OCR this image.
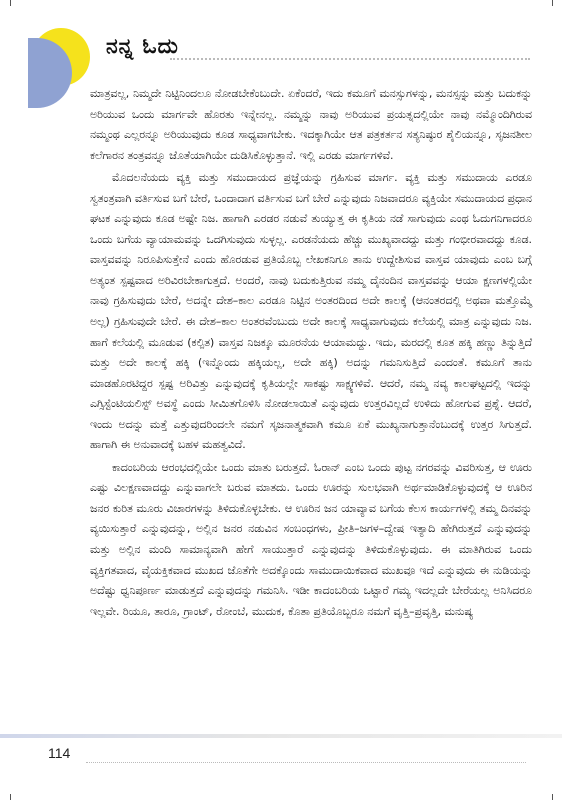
ನನ್ನ ಓದು

ಮಾತ್ರವಲ್ಲ, ನಿಮ್ಮದೇ ನಿಟ್ಟಿನಿಂದಲೂ ನೋಡಬೇಕೆಂಬುದೇ. ಏಕೆಂದರೆ, ಇದು ಕಮೂಗೆ ಮನಸ್ಸುಗಳನ್ನು, ಮನಸ್ಸನ್ನು ಮತ್ತು ಬದುಕನ್ನು ಅರಿಯುವ ಒಂದು ಮಾರ್ಗವೇ ಹೊರತು ಇನ್ನೇನಲ್ಲ. ನಮ್ಮನ್ನು ನಾವು ಅರಿಯುವ ಪ್ರಯತ್ನದಲ್ಲಿಯೇ ನಾವು ನಮ್ಮೊಂದಿಗಿರುವ ನಮ್ಮಂಥ ಎಲ್ಲರನ್ನೂ ಅರಿಯುವುದು ಕೂಡ ಸಾಧ್ಯವಾಗಬೇಕು. ಇದಕ್ಕಾಗಿಯೇ ಆತ ಪತ್ರಕರ್ತನ ಸತ್ಯನಿಷ್ಠುರ ಶೈಲಿಯನ್ನೂ, ಸೃಜನಶೀಲ ಕಲೆಗಾರನ ತಂತ್ರವನ್ನೂ ಜೊತೆಯಾಗಿಯೇ ದುಡಿಸಿಕೊಳ್ಳುತ್ತಾನೆ. ಇಲ್ಲಿ ಎರಡು ಮಾರ್ಗಗಳಿವೆ.

ಮೊದಲನೆಯದು ವ್ಯಕ್ತಿ ಮತ್ತು ಸಮುದಾಯದ ಪ್ರಜ್ಞೆಯನ್ನು ಗ್ರಹಿಸುವ ಮಾರ್ಗ. ವ್ಯಕ್ತಿ ಮತ್ತು ಸಮುದಾಯ ಎರಡೂ ಸ್ವತಂತ್ರವಾಗಿ ವರ್ತಿಸುವ ಬಗೆ ಬೇರೆ, ಒಂದಾದಾಗ ವರ್ತಿಸುವ ಬಗೆ ಬೇರೆ ಎನ್ನುವುದು ನಿಜವಾದರೂ ವ್ಯಕ್ತಿಯೇ ಸಮುದಾಯದ ಪ್ರಧಾನ ಘಟಕ ಎನ್ನುವುದು ಕೂಡ ಅಷ್ಟೇ ನಿಜ. ಹಾಗಾಗಿ ಎರಡರ ನಡುವೆ ತುಯ್ಯುತ್ತ ಈ ಕೃತಿಯ ನಡೆ ಸಾಗುವುದು ಎಂಥ ಓದುಗನಿಗಾದರೂ ಒಂದು ಬಗೆಯ ವ್ಯಾಯಾಮವನ್ನು ಒದಗಿಸುವುದು ಸುಳ್ಳಲ್ಲ. ಎರಡನೆಯದು ಹೆಚ್ಚು ಮುಖ್ಯವಾದದ್ದು ಮತ್ತು ಗಂಭೀರವಾದದ್ದು ಕೂಡ. ವಾಸ್ತವವನ್ನು ನಿರೂಪಿಸುತ್ತೇನೆ ಎಂದು ಹೊರಡುವ ಪ್ರತಿಯೊಬ್ಬ ಲೇಖಕನಿಗೂ ತಾನು ಉದ್ದೇಶಿಸುವ ವಾಸ್ತವ ಯಾವುದು ಎಂಬ ಬಗ್ಗೆ ಅತ್ಯಂತ ಸ್ಪಷ್ಟವಾದ ಅರಿವಿರಬೇಕಾಗುತ್ತದೆ. ಅಂದರೆ, ನಾವು ಬದುಕುತ್ತಿರುವ ನಮ್ಮ ದೈನಂದಿನ ವಾಸ್ತವವನ್ನು ಆಯಾ ಕ್ಷಣಗಳಲ್ಲಿಯೇ ನಾವು ಗ್ರಹಿಸುವುದು ಬೇರೆ, ಅದನ್ನೇ ದೇಶ–ಕಾಲ ಎರಡೂ ನಿಟ್ಟಿನ ಅಂತರದಿಂದ ಅದೇ ಕಾಲಕ್ಕೆ (ಆನಂತರದಲ್ಲಿ ಅಥವಾ ಮತ್ತೊಮ್ಮೆ ಅಲ್ಲ) ಗ್ರಹಿಸುವುದೇ ಬೇರೆ. ಈ ದೇಶ–ಕಾಲ ಅಂತರವೆಂಬುದು ಅದೇ ಕಾಲಕ್ಕೆ ಸಾಧ್ಯವಾಗುವುದು ಕಲೆಯಲ್ಲಿ ಮಾತ್ರ ಎನ್ನುವುದು ನಿಜ. ಹಾಗೆ ಕಲೆಯಲ್ಲಿ ಮೂಡುವ (ಕಲ್ಪಿತ) ವಾಸ್ತವ ನಿಜಕ್ಕೂ ಮೂರನೆಯ ಆಯಾಮದ್ದು. ಇದು, ಮರದಲ್ಲಿ ಕೂತ ಹಕ್ಕಿ ಹಣ್ಣು ತಿನ್ನುತ್ತಿದೆ ಮತ್ತು ಅದೇ ಕಾಲಕ್ಕೆ ಹಕ್ಕಿ (ಇನ್ನೊಂದು ಹಕ್ಕಿಯಲ್ಲ, ಅದೇ ಹಕ್ಕಿ) ಅದನ್ನು ಗಮನಿಸುತ್ತಿದೆ ಎಂದಂತೆ. ಕಮೂಗೆ ತಾನು ಮಾಡಹೊರಟಿದ್ದರ ಸ್ಪಷ್ಟ ಅರಿವಿತ್ತು ಎನ್ನುವುದಕ್ಕೆ ಕೃತಿಯಲ್ಲೇ ಸಾಕಷ್ಟು ಸಾಕ್ಷ್ಯಗಳಿವೆ. ಆದರೆ, ನಮ್ಮ ನವ್ಯ ಕಾಲಘಟ್ಟದಲ್ಲಿ ಇದನ್ನು ಎಗ್ಸಿಸ್ಟೆಂಟಿಯಲಿಸ್ಟ್ ಅವಸ್ಥೆ ಎಂದು ಸೀಮಿತಗೊಳಿಸಿ ನೋಡಲಾಯಿತೆ ಎನ್ನುವುದು ಉತ್ತರವಿಲ್ಲದೆ ಉಳಿದು ಹೋಗುವ ಪ್ರಶ್ನೆ. ಆದರೆ, ಇಂದು ಅದನ್ನು ಮತ್ತೆ ಎತ್ತುವುದರಿಂದಲೇ ನಮಗೆ ಸೃಜನಾತ್ಮಕವಾಗಿ ಕಮೂ ಏಕೆ ಮುಖ್ಯನಾಗುತ್ತಾನೆಂಬುದಕ್ಕೆ ಉತ್ತರ ಸಿಗುತ್ತದೆ. ಹಾಗಾಗಿ ಈ ಅನುವಾದಕ್ಕೆ ಬಹಳ ಮಹತ್ವವಿದೆ.

ಕಾದಂಬರಿಯ ಆರಂಭದಲ್ಲಿಯೇ ಒಂದು ಮಾತು ಬರುತ್ತದೆ. ಓರಾನ್ ಎಂಬ ಒಂದು ಪುಟ್ಟ ನಗರವನ್ನು ವಿವರಿಸುತ್ತ, ಆ ಊರು ಎಷ್ಟು ವಿಲಕ್ಷಣವಾದದ್ದು ಎನ್ನುವಾಗಲೇ ಬರುವ ಮಾತದು. ಒಂದು ಊರನ್ನು ಸುಲಭವಾಗಿ ಅರ್ಥಮಾಡಿಕೊಳ್ಳುವುದಕ್ಕೆ ಆ ಊರಿನ ಜನರ ಕುರಿತ ಮೂರು ವಿಚಾರಗಳನ್ನು ತಿಳಿದುಕೊಳ್ಳಬೇಕು. ಆ ಊರಿನ ಜನ ಯಾವ್ಯಾವ ಬಗೆಯ ಕೆಲಸ ಕಾರ್ಯಗಳಲ್ಲಿ ತಮ್ಮ ದಿನವನ್ನು ವ್ಯಯಿಸುತ್ತಾರೆ ಎನ್ನುವುದನ್ನು, ಅಲ್ಲಿನ ಜನರ ನಡುವಿನ ಸಂಬಂಧಗಳು, ಪ್ರೀತಿ–ಜಗಳ–ದ್ವೇಷ ಇತ್ಯಾದಿ ಹೇಗಿರುತ್ತದೆ ಎನ್ನುವುದನ್ನು ಮತ್ತು ಅಲ್ಲಿನ ಮಂದಿ ಸಾಮಾನ್ಯವಾಗಿ ಹೇಗೆ ಸಾಯುತ್ತಾರೆ ಎನ್ನುವುದನ್ನು ತಿಳಿದುಕೊಳ್ಳುವುದು. ಈ ಮಾತಿಗಿರುವ ಒಂದು ವ್ಯಕ್ತಿಗತವಾದ, ವೈಯಕ್ತಿಕವಾದ ಮುಖದ ಜೊತೆಗೇ ಅದಕ್ಕೊಂದು ಸಾಮುದಾಯಿಕವಾದ ಮುಖವೂ ಇದೆ ಎನ್ನುವುದು ಈ ನುಡಿಯನ್ನು ಅದೆಷ್ಟು ಧ್ವನಿಪೂರ್ಣ ಮಾಡುತ್ತದೆ ಎನ್ನುವುದನ್ನು ಗಮನಿಸಿ. ಇಡೀ ಕಾದಂಬರಿಯ ಒಟ್ಟಾರೆ ಗಮ್ಯ ಇದಲ್ಲದೇ ಬೇರೆಯಲ್ಲ ಅನಿಸಿದರೂ ಇಲ್ಲವೇ. ರಿಯೂ, ತಾರೂ, ಗ್ರಾಂಟ್, ರೋಂಬೆ, ಮುದುಕ, ಕೊತಾ ಪ್ರತಿಯೊಬ್ಬರೂ ನಮಗೆ ವೃತ್ತಿ–ಪ್ರವೃತ್ತಿ, ಮನುಷ್ಯ

114
